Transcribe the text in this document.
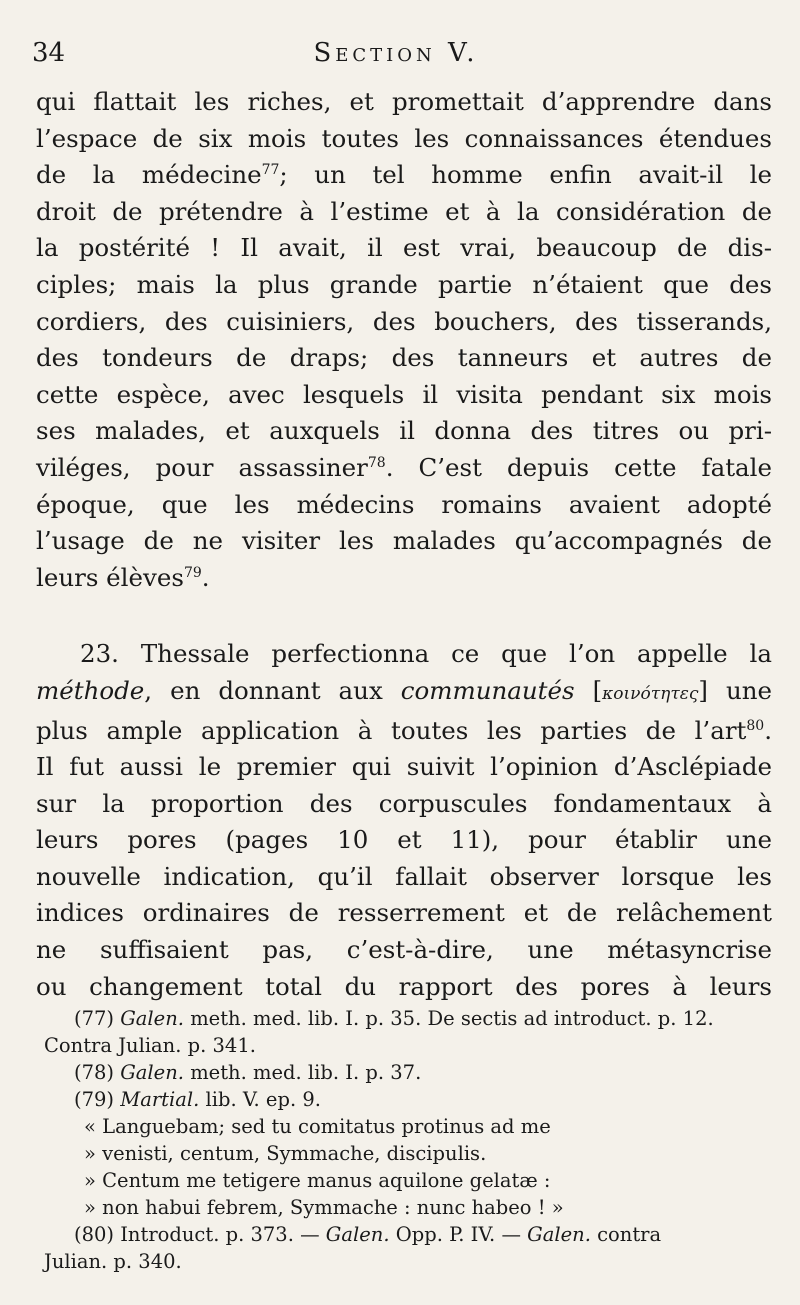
34	Section V.
qui flattait les riches, et promettait d’apprendre dans
l’espace de six mois toutes les connaissances étendues
de la médecine$^{77}$; un tel homme enfin avait-il le
droit de prétendre à l’estime et à la considération de
la postérité ! Il avait, il est vrai, beaucoup de dis-
ciples; mais la plus grande partie n’étaient que des
cordiers, des cuisiniers, des bouchers, des tisserands,
des tondeurs de draps; des tanneurs et autres de
cette espèce, avec lesquels il visita pendant six mois
ses malades, et auxquels il donna des titres ou pri-
viléges, pour assassiner$^{78}$. C’est depuis cette fatale
époque, que les médecins romains avaient adopté
l’usage de ne visiter les malades qu’accompagnés de
leurs élèves$^{79}$.
23. Thessale perfectionna ce que l’on appelle la
méthode, en donnant aux communautés [κοινότητες] une
plus ample application à toutes les parties de l’art$^{80}$.
Il fut aussi le premier qui suivit l’opinion d’Asclépiade
sur la proportion des corpuscules fondamentaux à
leurs pores (pages 10 et 11), pour établir une
nouvelle indication, qu’il fallait observer lorsque les
indices ordinaires de resserrement et de relâchement
ne suffisaient pas, c’est-à-dire, une métasyncrise
ou changement total du rapport des pores à leurs
(77) Galen. meth. med. lib. I. p. 35. De sectis ad introduct. p. 12.
Contra Julian. p. 341.
(78) Galen. meth. med. lib. I. p. 37.
(79) Martial. lib. V. ep. 9.
« Languebam; sed tu comitatus protinus ad me
» venisti, centum, Symmache, discipulis.
» Centum me tetigere manus aquilone gelatæ :
» non habui febrem, Symmache : nunc habeo ! »
(80) Introduct. p. 373. — Galen. Opp. P. IV. — Galen. contra
Julian. p. 340.
